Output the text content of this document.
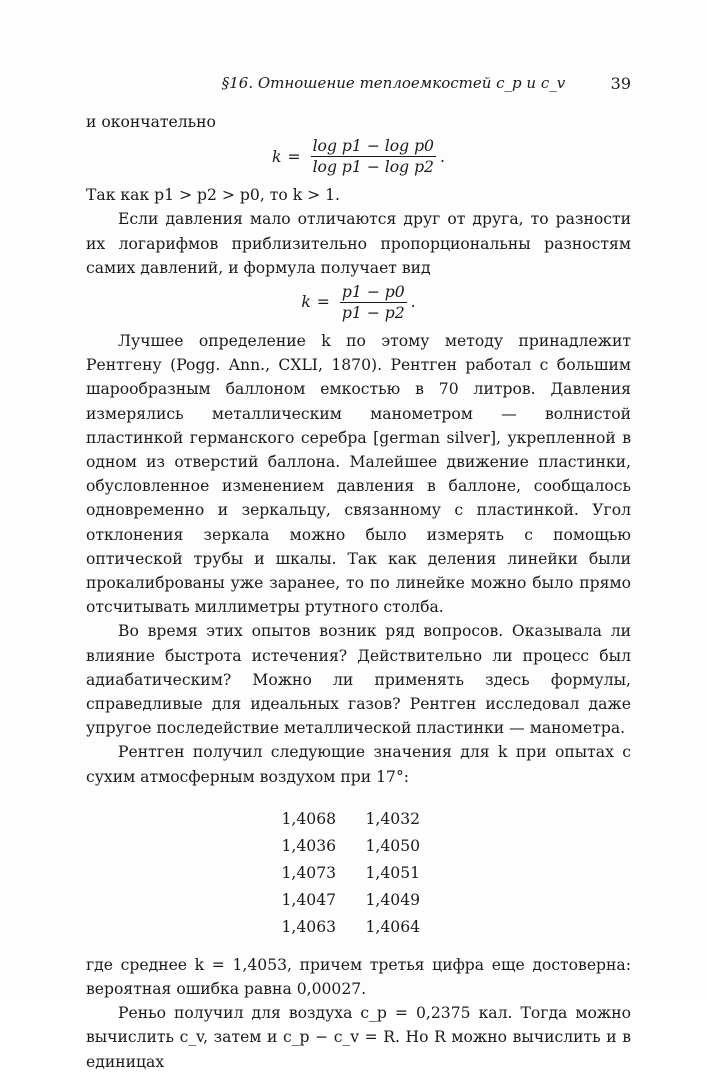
§16. Отношение теплоемкостей c_p и c_v	39

и окончательно

$k = \frac{\text{log p1 − log p0}}{\text{log p1 − log p2}}$ .

Так как p1 > p2 > p0, то k > 1.

Если давления мало отличаются друг от друга, то разности их логарифмов приблизительно пропорциональны разностям самих давлений, и формула получает вид

$k = \frac{p1 - p0}{p1 - p2}$ .

Лучшее определение k по этому методу принадлежит Рентгену (Pogg. Ann., CXLI, 1870). Рентген работал с большим шарообразным баллоном емкостью в 70 литров. Давления измерялись металлическим манометром — волнистой пластинкой германского серебра [german silver], укрепленной в одном из отверстий баллона. Малейшее движение пластинки, обусловленное изменением давления в баллоне, сообщалось одновременно и зеркальцу, связанному с пластинкой. Угол отклонения зеркала можно было измерять с помощью оптической трубы и шкалы. Так как деления линейки были прокалиброваны уже заранее, то по линейке можно было прямо отсчитывать миллиметры ртутного столба.

Во время этих опытов возник ряд вопросов. Оказывала ли влияние быстрота истечения? Действительно ли процесс был адиабатическим? Можно ли применять здесь формулы, справедливые для идеальных газов? Рентген исследовал даже упругое последействие металлической пластинки — манометра.

Рентген получил следующие значения для k при опытах с сухим атмосферным воздухом при 17°:

1,4068	1,4032
1,4036	1,4050
1,4073	1,4051
1,4047	1,4049
1,4063	1,4064

где среднее k = 1,4053, причем третья цифра еще достоверна: вероятная ошибка равна 0,00027.

Реньо получил для воздуха c_p = 0,2375 кал. Тогда можно вычислить c_v, затем и c_p − c_v = R. Но R можно вычислить и в единицах
